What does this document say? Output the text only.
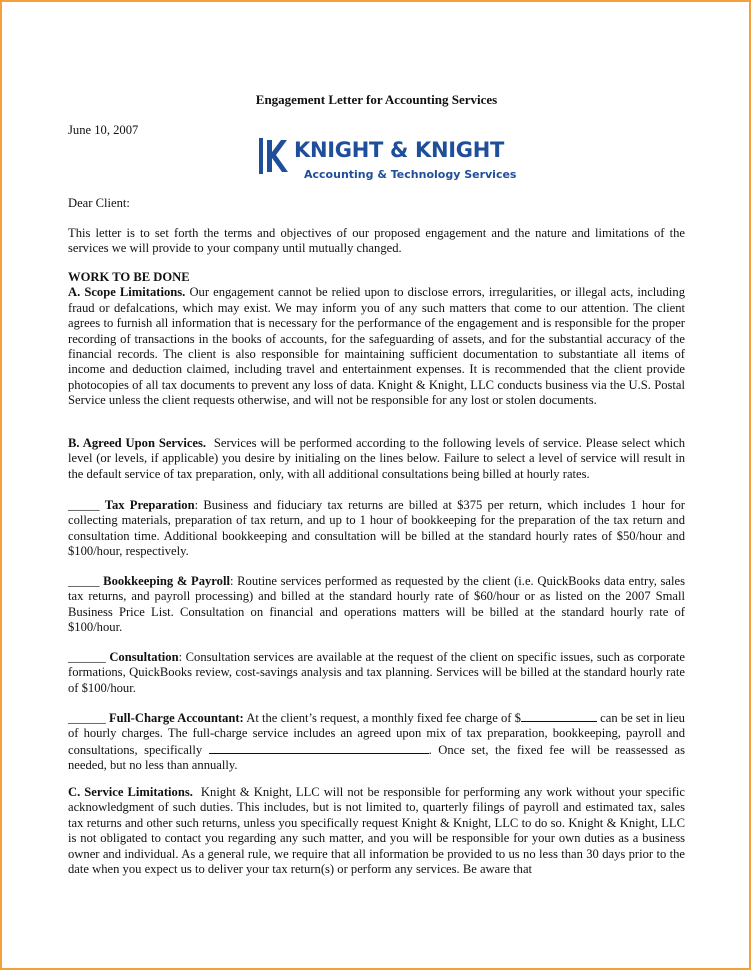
Engagement Letter for Accounting Services
June 10, 2007
KNIGHT & KNIGHT
Accounting & Technology Services
Dear Client:

This letter is to set forth the terms and objectives of our proposed engagement and the nature and limitations of the services we will provide to your company until mutually changed.

WORK TO BE DONE

A. Scope Limitations. Our engagement cannot be relied upon to disclose errors, irregularities, or illegal acts, including fraud or defalcations, which may exist. We may inform you of any such matters that come to our attention. The client agrees to furnish all information that is necessary for the performance of the engagement and is responsible for the proper recording of transactions in the books of accounts, for the safeguarding of assets, and for the substantial accuracy of the financial records. The client is also responsible for maintaining sufficient documentation to substantiate all items of income and deduction claimed, including travel and entertainment expenses. It is recommended that the client provide photocopies of all tax documents to prevent any loss of data. Knight & Knight, LLC conducts business via the U.S. Postal Service unless the client requests otherwise, and will not be responsible for any lost or stolen documents.

B. Agreed Upon Services. Services will be performed according to the following levels of service. Please select which level (or levels, if applicable) you desire by initialing on the lines below. Failure to select a level of service will result in the default service of tax preparation, only, with all additional consultations being billed at hourly rates.

_____ Tax Preparation: Business and fiduciary tax returns are billed at $375 per return, which includes 1 hour for collecting materials, preparation of tax return, and up to 1 hour of bookkeeping for the preparation of the tax return and consultation time. Additional bookkeeping and consultation will be billed at the standard hourly rates of $50/hour and $100/hour, respectively.

_____ Bookkeeping & Payroll: Routine services performed as requested by the client (i.e. QuickBooks data entry, sales tax returns, and payroll processing) and billed at the standard hourly rate of $60/hour or as listed on the 2007 Small Business Price List. Consultation on financial and operations matters will be billed at the standard hourly rate of $100/hour.

______ Consultation: Consultation services are available at the request of the client on specific issues, such as corporate formations, QuickBooks review, cost-savings analysis and tax planning. Services will be billed at the standard hourly rate of $100/hour.

______ Full-Charge Accountant: At the client’s request, a monthly fixed fee charge of $	can be set in lieu of hourly charges. The full-charge service includes an agreed upon mix of tax preparation, bookkeeping, payroll and consultations, specifically	. Once set, the fixed fee will be reassessed as needed, but no less than annually.

C. Service Limitations. Knight & Knight, LLC will not be responsible for performing any work without your specific acknowledgment of such duties. This includes, but is not limited to, quarterly filings of payroll and estimated tax, sales tax returns and other such returns, unless you specifically request Knight & Knight, LLC to do so. Knight & Knight, LLC is not obligated to contact you regarding any such matter, and you will be responsible for your own duties as a business owner and individual. As a general rule, we require that all information be provided to us no less than 30 days prior to the date when you expect us to deliver your tax return(s) or perform any services. Be aware that
